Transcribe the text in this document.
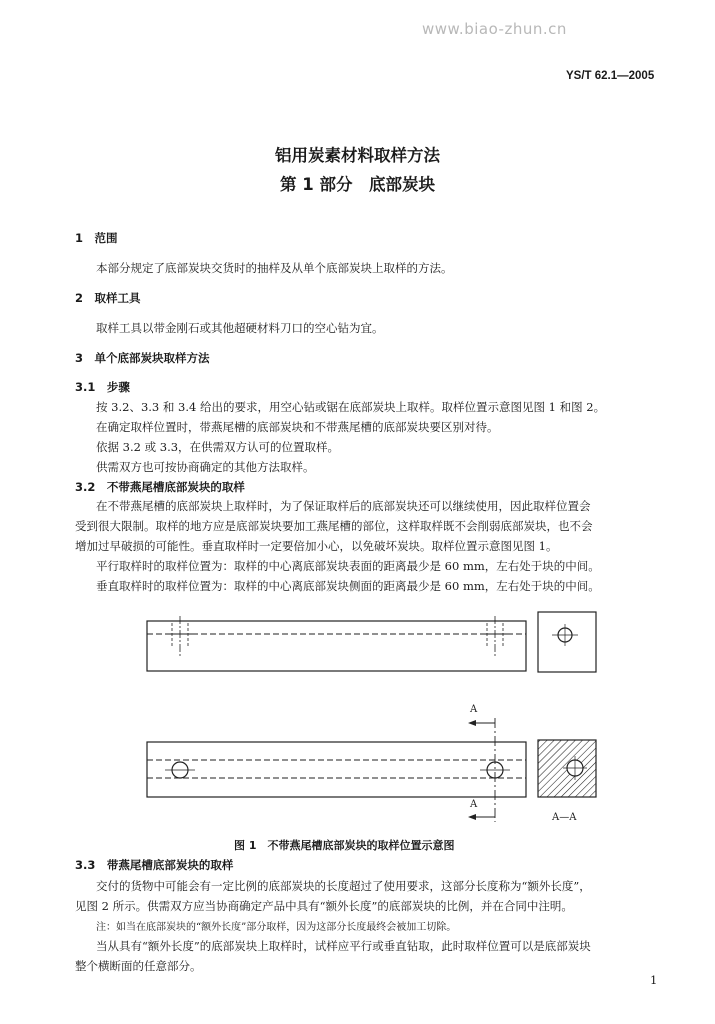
www.biao-zhun.cn
YS/T 62.1—2005
铝用炭素材料取样方法
第 1 部分　底部炭块
1　范围
本部分规定了底部炭块交货时的抽样及从单个底部炭块上取样的方法。
2　取样工具
取样工具以带金刚石或其他超硬材料刀口的空心钻为宜。
3　单个底部炭块取样方法
3.1　步骤
按 3.2、3.3 和 3.4 给出的要求，用空心钻或锯在底部炭块上取样。取样位置示意图见图 1 和图 2。
在确定取样位置时，带燕尾槽的底部炭块和不带燕尾槽的底部炭块要区别对待。
依据 3.2 或 3.3，在供需双方认可的位置取样。
供需双方也可按协商确定的其他方法取样。
3.2　不带燕尾槽底部炭块的取样
在不带燕尾槽的底部炭块上取样时，为了保证取样后的底部炭块还可以继续使用，因此取样位置会
受到很大限制。取样的地方应是底部炭块要加工燕尾槽的部位，这样取样既不会削弱底部炭块，也不会
增加过早破损的可能性。垂直取样时一定要倍加小心，以免破坏炭块。取样位置示意图见图 1。
平行取样时的取样位置为：取样的中心离底部炭块表面的距离最少是 60 mm，左右处于块的中间。
垂直取样时的取样位置为：取样的中心离底部炭块侧面的距离最少是 60 mm，左右处于块的中间。
A
A
A—A
图 1　不带燕尾槽底部炭块的取样位置示意图
3.3　带燕尾槽底部炭块的取样
交付的货物中可能会有一定比例的底部炭块的长度超过了使用要求，这部分长度称为“额外长度”，
见图 2 所示。供需双方应当协商确定产品中具有“额外长度”的底部炭块的比例，并在合同中注明。
注：如当在底部炭块的“额外长度”部分取样，因为这部分长度最终会被加工切除。
当从具有“额外长度”的底部炭块上取样时，试样应平行或垂直钻取，此时取样位置可以是底部炭块
整个横断面的任意部分。
1
